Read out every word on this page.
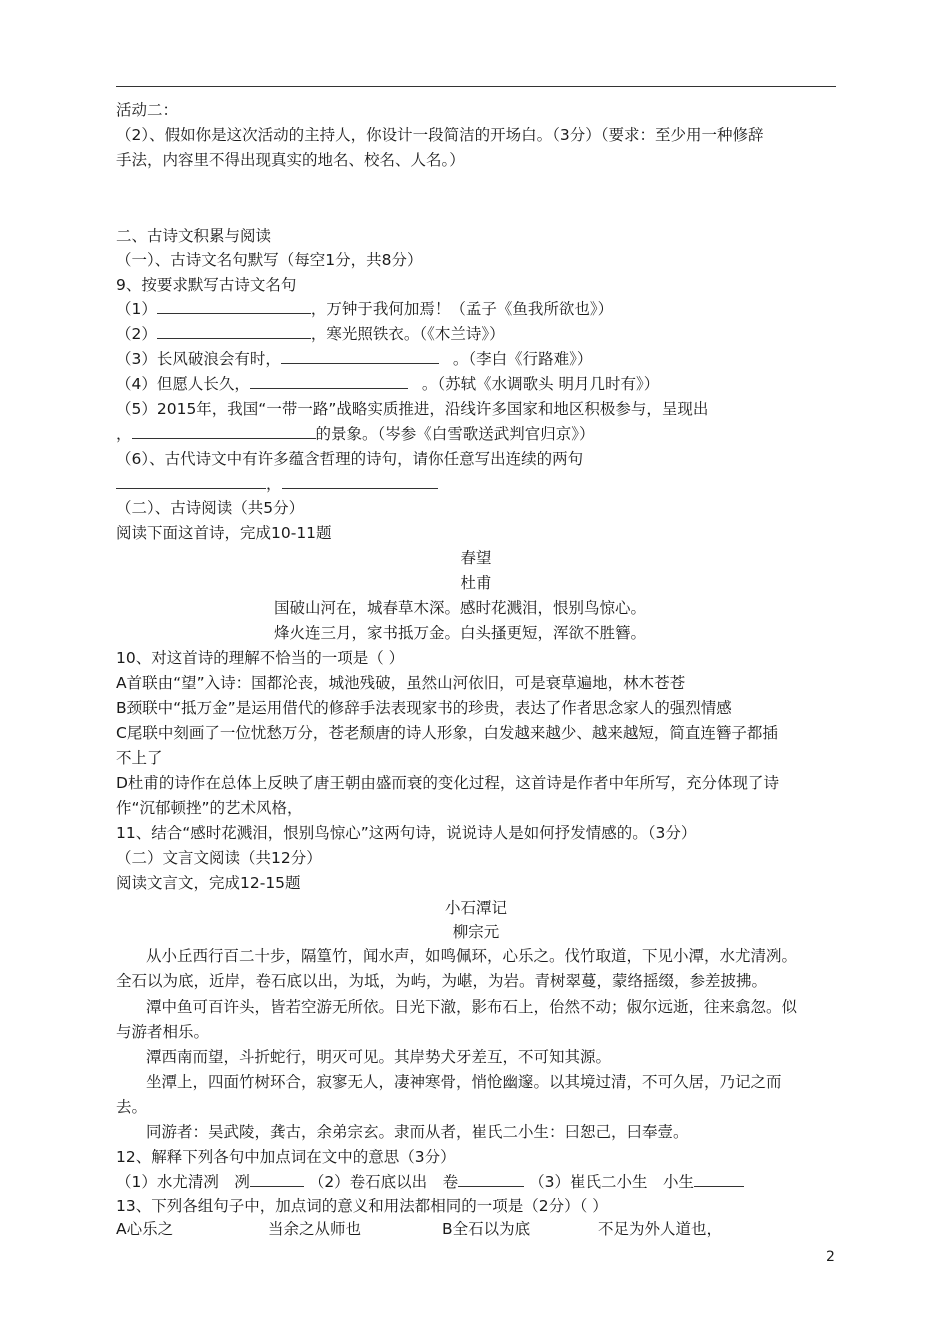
活动二：
（2）、假如你是这次活动的主持人，你设计一段简洁的开场白。（3分）（要求：至少用一种修辞
手法，内容里不得出现真实的地名、校名、人名。）
二、古诗文积累与阅读
（一）、古诗文名句默写（每空1分，共8分）
9、按要求默写古诗文名句
（1）	，万钟于我何加焉！（孟子《鱼我所欲也》）
（2）	，寒光照铁衣。（《木兰诗》）
（3）长风破浪会有时，	。（李白《行路难》）
（4）但愿人长久，	。（苏轼《水调歌头 明月几时有》）
（5）2015年，我国“一带一路”战略实质推进，沿线许多国家和地区积极参与，呈现出
，	的景象。（岑参《白雪歌送武判官归京》）
（6）、古代诗文中有许多蕴含哲理的诗句，请你任意写出连续的两句
，
（二）、古诗阅读（共5分）
阅读下面这首诗，完成10-11题
春望
杜甫
国破山河在，城春草木深。感时花溅泪，恨别鸟惊心。
烽火连三月，家书抵万金。白头搔更短，浑欲不胜簪。
10、对这首诗的理解不恰当的一项是（ ）
A首联由“望”入诗：国都沦丧，城池残破，虽然山河依旧，可是衰草遍地，林木苍苍
B颈联中“抵万金”是运用借代的修辞手法表现家书的珍贵，表达了作者思念家人的强烈情感
C尾联中刻画了一位忧愁万分，苍老颓唐的诗人形象，白发越来越少、越来越短，简直连簪子都插
不上了
D杜甫的诗作在总体上反映了唐王朝由盛而衰的变化过程，这首诗是作者中年所写，充分体现了诗
作“沉郁顿挫”的艺术风格，
11、结合“感时花溅泪，恨别鸟惊心”这两句诗，说说诗人是如何抒发情感的。（3分）
（二）文言文阅读（共12分）
阅读文言文，完成12-15题
小石潭记
柳宗元
从小丘西行百二十步，隔篁竹，闻水声，如鸣佩环，心乐之。伐竹取道，下见小潭，水尤清冽。
全石以为底，近岸，卷石底以出，为坻，为屿，为嵁，为岩。青树翠蔓，蒙络摇缀，参差披拂。
潭中鱼可百许头，皆若空游无所依。日光下澈，影布石上，佁然不动；俶尔远逝，往来翕忽。似
与游者相乐。
潭西南而望，斗折蛇行，明灭可见。其岸势犬牙差互，不可知其源。
坐潭上，四面竹树环合，寂寥无人，凄神寒骨，悄怆幽邃。以其境过清，不可久居，乃记之而
去。
同游者：吴武陵，龚古，余弟宗玄。隶而从者，崔氏二小生：曰恕己，曰奉壹。
12、解释下列各句中加点词在文中的意思（3分）
（1）水尤清冽　冽	（2）卷石底以出　卷	（3）崔氏二小生　小生
13、下列各组句子中，加点词的意义和用法都相同的一项是（2分）（ ）
A心乐之	当余之从师也	B全石以为底	不足为外人道也，
2
